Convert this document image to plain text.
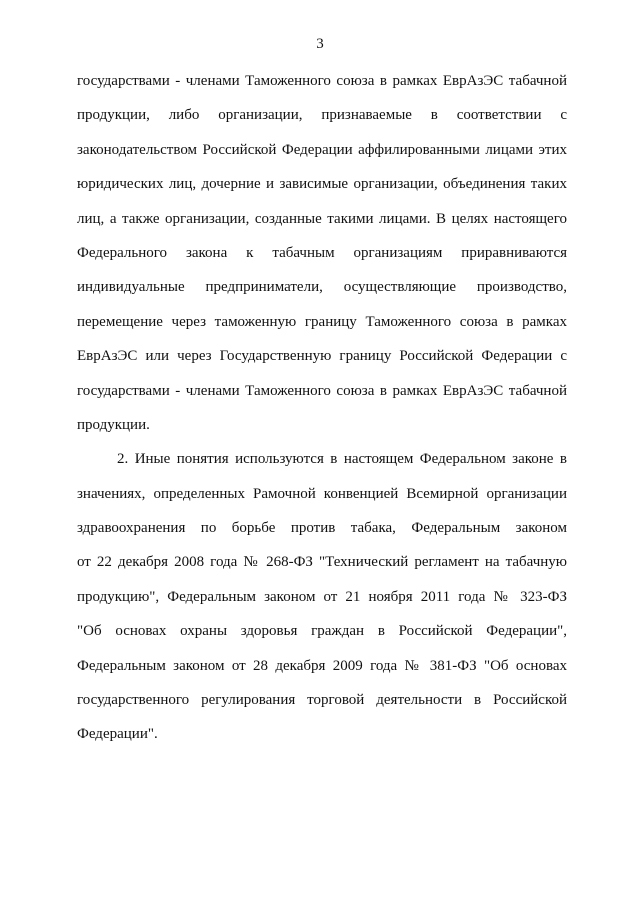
3
государствами - членами Таможенного союза в рамках ЕврАзЭС табачной
продукции, либо организации, признаваемые в соответствии с
законодательством Российской Федерации аффилированными лицами этих
юридических лиц, дочерние и зависимые организации, объединения таких
лиц, а также организации, созданные такими лицами. В целях настоящего
Федерального закона к табачным организациям приравниваются
индивидуальные предприниматели, осуществляющие производство,
перемещение через таможенную границу Таможенного союза в рамках
ЕврАзЭС или через Государственную границу Российской Федерации с
государствами - членами Таможенного союза в рамках ЕврАзЭС табачной
продукции.
2. Иные понятия используются в настоящем Федеральном законе в
значениях, определенных Рамочной конвенцией Всемирной организации
здравоохранения по борьбе против табака, Федеральным законом
от 22 декабря 2008 года № 268-ФЗ "Технический регламент на табачную
продукцию", Федеральным законом от 21 ноября 2011 года № 323-ФЗ
"Об основах охраны здоровья граждан в Российской Федерации",
Федеральным законом от 28 декабря 2009 года № 381-ФЗ "Об основах
государственного регулирования торговой деятельности в Российской
Федерации".
